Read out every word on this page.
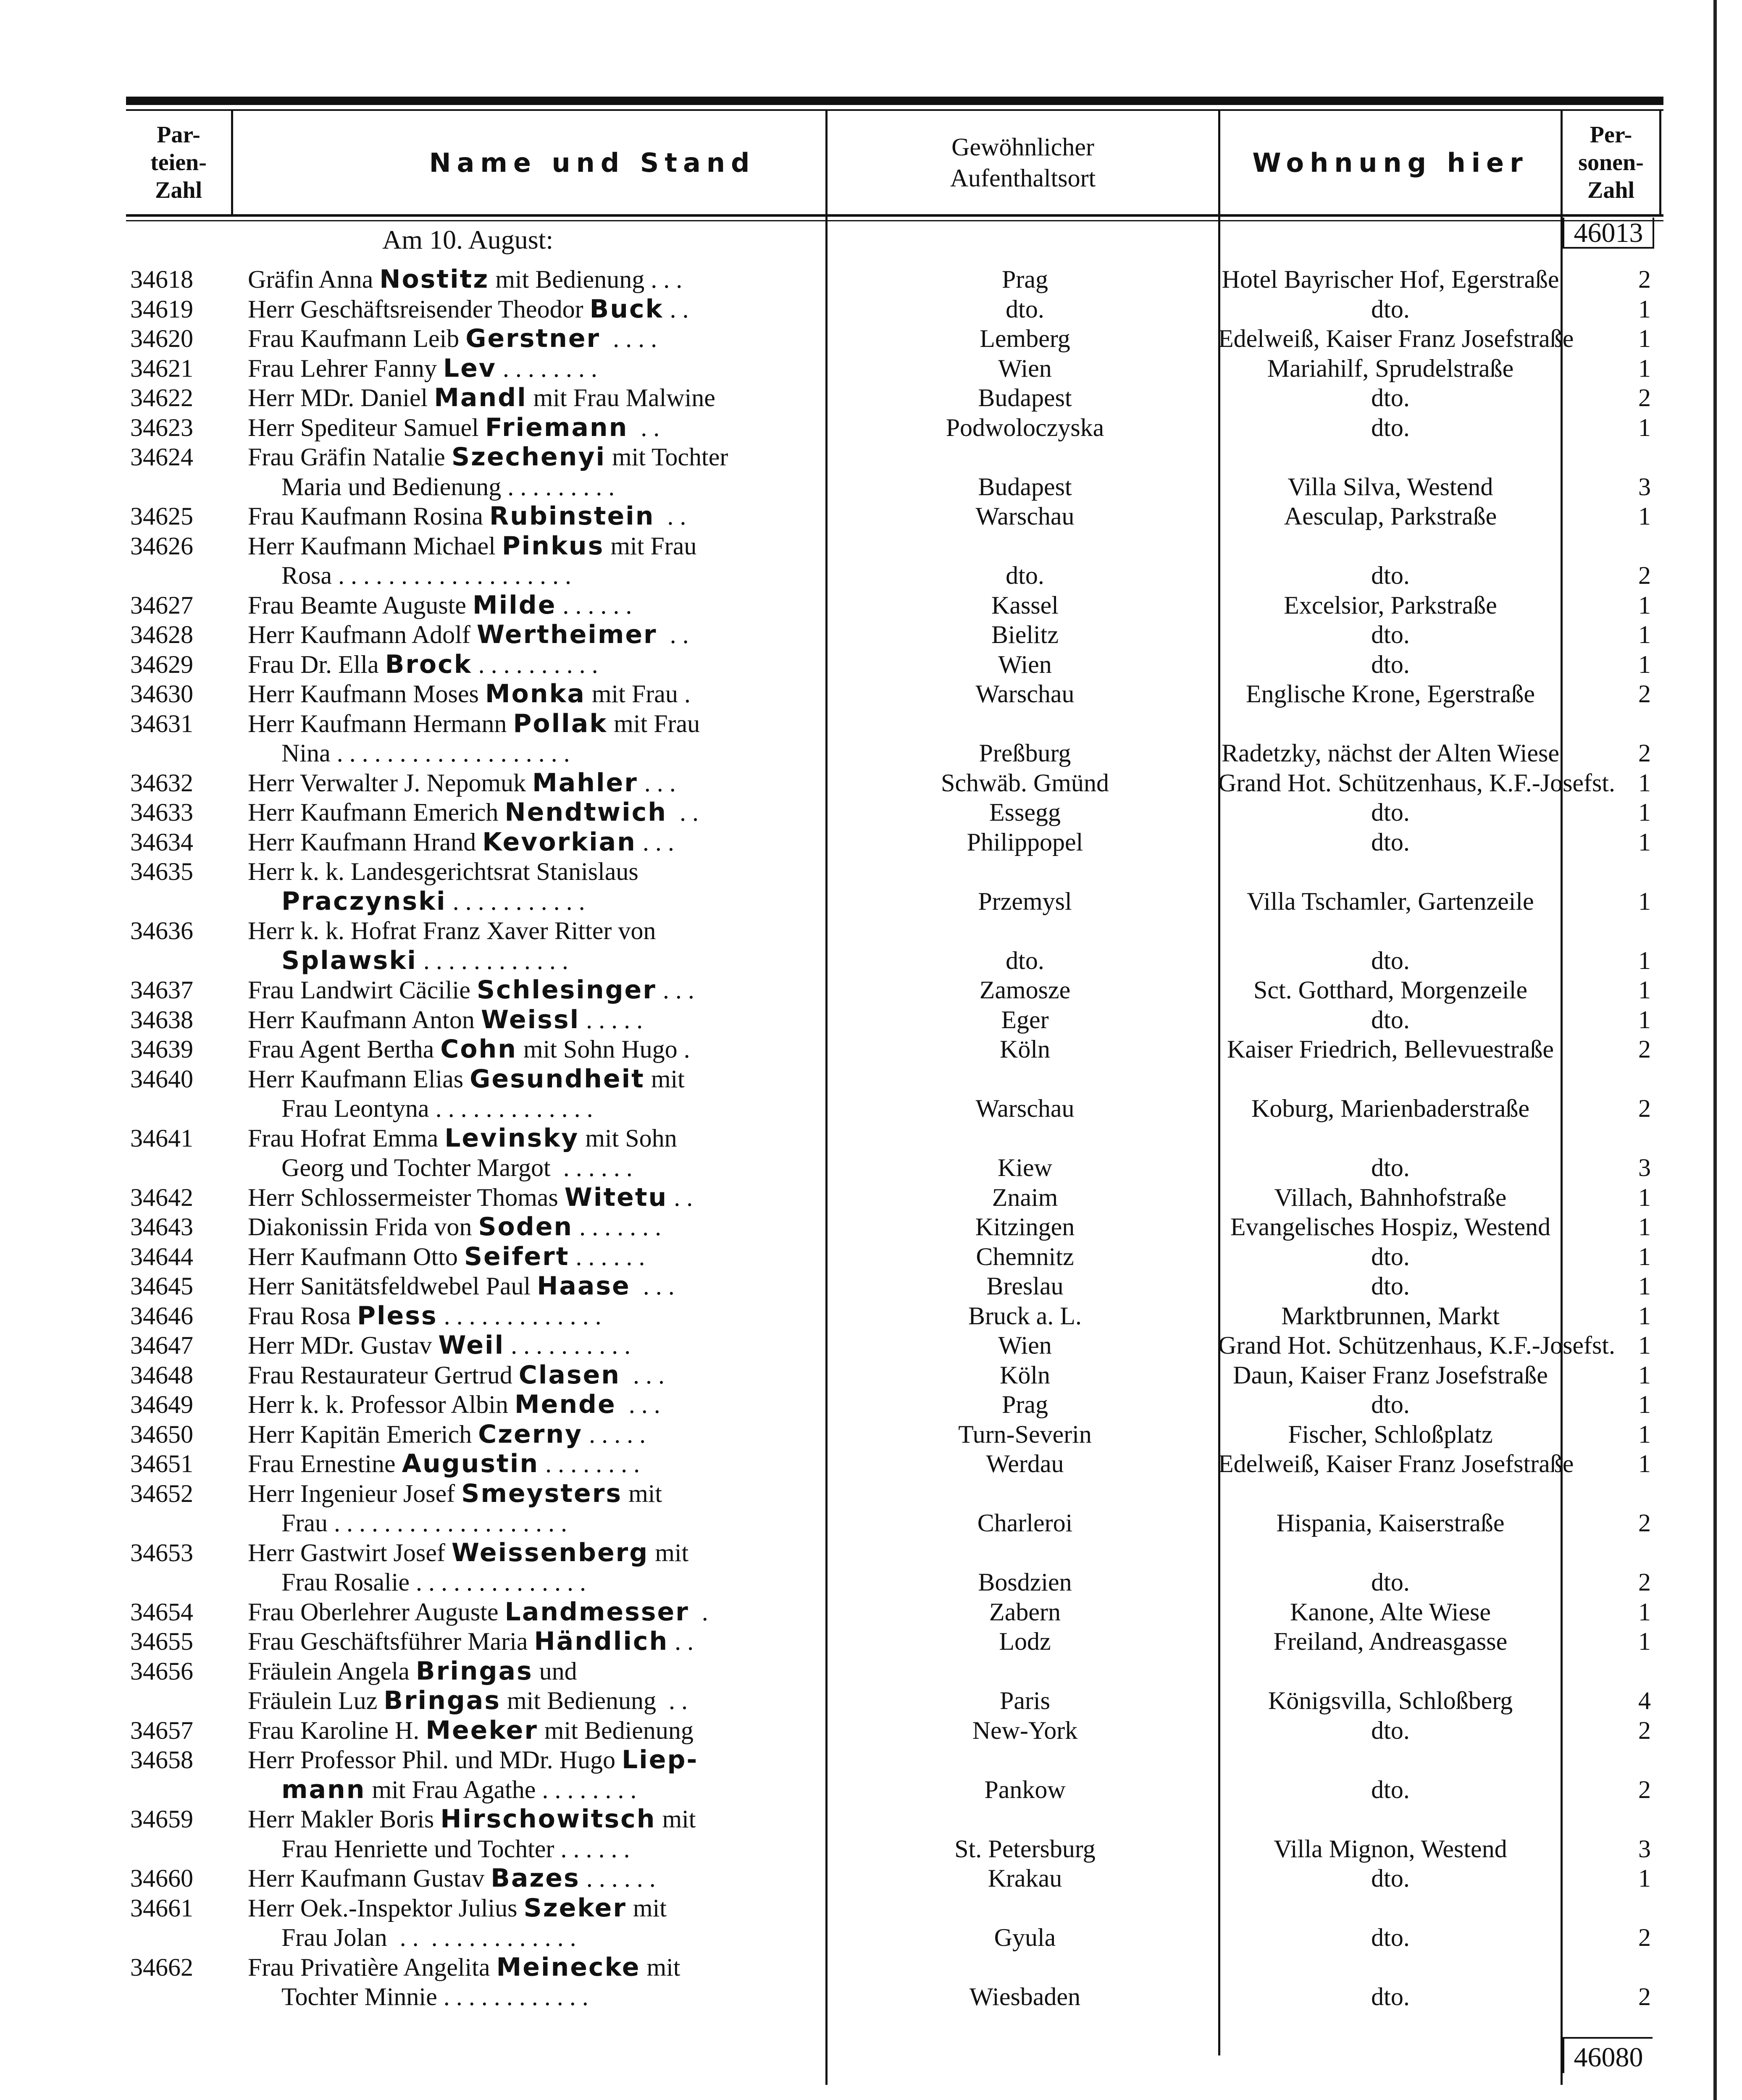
Par-
teien-
Zahl
Name und Stand
Gewöhnlicher
Aufenthaltsort
Wohnung hier
Per-
sonen-
Zahl
46013
Am 10. August:
34618	Gräfin Anna Nostitz mit Bedienung . . .	Prag	Hotel Bayrischer Hof, Egerstraße	2
34619	Herr Geschäftsreisender Theodor Buck . .	dto.	dto.	1
34620	Frau Kaufmann Leib Gerstner  . . . .	Lemberg	Edelweiß, Kaiser Franz Josefstraße	1
34621	Frau Lehrer Fanny Lev . . . . . . . .	Wien	Mariahilf, Sprudelstraße	1
34622	Herr MDr. Daniel Mandl mit Frau Malwine	Budapest	dto.	2
34623	Herr Spediteur Samuel Friemann  . .	Podwoloczyska	dto.	1
34624	Frau Gräfin Natalie Szechenyi mit Tochter
Maria und Bedienung . . . . . . . . .	Budapest	Villa Silva, Westend	3
34625	Frau Kaufmann Rosina Rubinstein  . .	Warschau	Aesculap, Parkstraße	1
34626	Herr Kaufmann Michael Pinkus mit Frau
Rosa . . . . . . . . . . . . . . . . . . .	dto.	dto.	2
34627	Frau Beamte Auguste Milde . . . . . .	Kassel	Excelsior, Parkstraße	1
34628	Herr Kaufmann Adolf Wertheimer  . .	Bielitz	dto.	1
34629	Frau Dr. Ella Brock . . . . . . . . . .	Wien	dto.	1
34630	Herr Kaufmann Moses Monka mit Frau .	Warschau	Englische Krone, Egerstraße	2
34631	Herr Kaufmann Hermann Pollak mit Frau
Nina . . . . . . . . . . . . . . . . . . .	Preßburg	Radetzky, nächst der Alten Wiese	2
34632	Herr Verwalter J. Nepomuk Mahler . . .	Schwäb. Gmünd	Grand Hot. Schützenhaus, K.F.-Josefst. 1
34633	Herr Kaufmann Emerich Nendtwich  . .	Essegg	dto.	1
34634	Herr Kaufmann Hrand Kevorkian . . .	Philippopel	dto.	1
34635	Herr k. k. Landesgerichtsrat Stanislaus
Praczynski . . . . . . . . . . .	Przemysl	Villa Tschamler, Gartenzeile	1
34636	Herr k. k. Hofrat Franz Xaver Ritter von
Splawski . . . . . . . . . . . .	dto.	dto.	1
34637	Frau Landwirt Cäcilie Schlesinger . . .	Zamosze	Sct. Gotthard, Morgenzeile	1
34638	Herr Kaufmann Anton Weissl . . . . .	Eger	dto.	1
34639	Frau Agent Bertha Cohn mit Sohn Hugo .	Köln	Kaiser Friedrich, Bellevuestraße	2
34640	Herr Kaufmann Elias Gesundheit mit
Frau Leontyna . . . . . . . . . . . . .	Warschau	Koburg, Marienbaderstraße	2
34641	Frau Hofrat Emma Levinsky mit Sohn
Georg und Tochter Margot  . . . . . .	Kiew	dto.	3
34642	Herr Schlossermeister Thomas Witetu . .	Znaim	Villach, Bahnhofstraße	1
34643	Diakonissin Frida von Soden . . . . . . .	Kitzingen	Evangelisches Hospiz, Westend	1
34644	Herr Kaufmann Otto Seifert . . . . . .	Chemnitz	dto.	1
34645	Herr Sanitätsfeldwebel Paul Haase  . . .	Breslau	dto.	1
34646	Frau Rosa Pless . . . . . . . . . . . . .	Bruck a. L.	Marktbrunnen, Markt	1
34647	Herr MDr. Gustav Weil . . . . . . . . . .	Wien	Grand Hot. Schützenhaus, K.F.-Josefst. 1
34648	Frau Restaurateur Gertrud Clasen  . . .	Köln	Daun, Kaiser Franz Josefstraße	1
34649	Herr k. k. Professor Albin Mende  . . .	Prag	dto.	1
34650	Herr Kapitän Emerich Czerny . . . . .	Turn-Severin	Fischer, Schloßplatz	1
34651	Frau Ernestine Augustin . . . . . . . .	Werdau	Edelweiß, Kaiser Franz Josefstraße	1
34652	Herr Ingenieur Josef Smeysters mit
Frau . . . . . . . . . . . . . . . . . . .	Charleroi	Hispania, Kaiserstraße	2
34653	Herr Gastwirt Josef Weissenberg mit
Frau Rosalie . . . . . . . . . . . . . .	Bosdzien	dto.	2
34654	Frau Oberlehrer Auguste Landmesser  .	Zabern	Kanone, Alte Wiese	1
34655	Frau Geschäftsführer Maria Händlich . .	Lodz	Freiland, Andreasgasse	1
34656	Fräulein Angela Bringas und
Fräulein Luz Bringas mit Bedienung  . .	Paris	Königsvilla, Schloßberg	4
34657	Frau Karoline H. Meeker mit Bedienung	New-York	dto.	2
34658	Herr Professor Phil. und MDr. Hugo Liep-
mann mit Frau Agathe . . . . . . . .	Pankow	dto.	2
34659	Herr Makler Boris Hirschowitsch mit
Frau Henriette und Tochter . . . . . .	St. Petersburg	Villa Mignon, Westend	3
34660	Herr Kaufmann Gustav Bazes . . . . . .	Krakau	dto.	1
34661	Herr Oek.-Inspektor Julius Szeker mit
Frau Jolan  . .  . . . . . . . . . . . .	Gyula	dto.	2
34662	Frau Privatière Angelita Meinecke mit
Tochter Minnie . . . . . . . . . . . .	Wiesbaden	dto.	2
46080
